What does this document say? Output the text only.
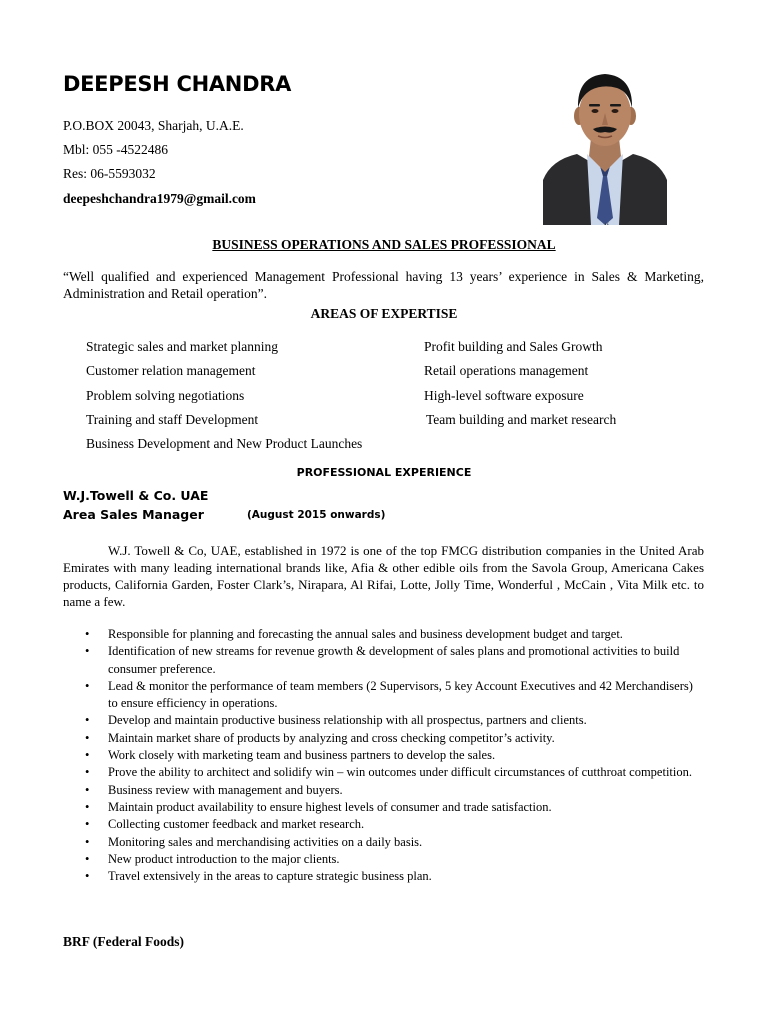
DEEPESH CHANDRA
P.O.BOX 20043, Sharjah, U.A.E.
Mbl: 055 -4522486
Res: 06-5593032
deepeshchandra1979@gmail.com
‘‘
BUSINESS OPERATIONS AND SALES PROFESSIONAL
“Well qualified and experienced Management Professional having 13 years’ experience in Sales & Marketing, Administration and Retail operation”.
AREAS OF EXPERTISE
Strategic sales and market planning
Customer relation management
Problem solving negotiations
Training and staff Development
Business Development and New Product Launches
Profit building and Sales Growth
Retail operations management
High-level software exposure
Team building and market research
PROFESSIONAL EXPERIENCE
W.J.Towell & Co. UAE
Area Sales Manager	(August 2015 onwards)
W.J. Towell & Co, UAE, established in 1972 is one of the top FMCG distribution companies in the United Arab Emirates with many leading international brands like, Afia & other edible oils from the Savola Group, Americana Cakes products, California Garden, Foster Clark’s, Nirapara, Al Rifai, Lotte, Jolly Time, Wonderful , McCain , Vita Milk etc. to name a few.
• Responsible for planning and forecasting the annual sales and business development budget and target.
• Identification of new streams for revenue growth & development of sales plans and promotional activities to build consumer preference.
• Lead & monitor the performance of team members (2 Supervisors, 5 key Account Executives and 42 Merchandisers) to ensure efficiency in operations.
• Develop and maintain productive business relationship with all prospectus, partners and clients.
• Maintain market share of products by analyzing and cross checking competitor’s activity.
• Work closely with marketing team and business partners to develop the sales.
• Prove the ability to architect and solidify win – win outcomes under difficult circumstances of cutthroat competition.
• Business review with management and buyers.
• Maintain product availability to ensure highest levels of consumer and trade satisfaction.
• Collecting customer feedback and market research.
• Monitoring sales and merchandising activities on a daily basis.
• New product introduction to the major clients.
• Travel extensively in the areas to capture strategic business plan.
BRF (Federal Foods)
